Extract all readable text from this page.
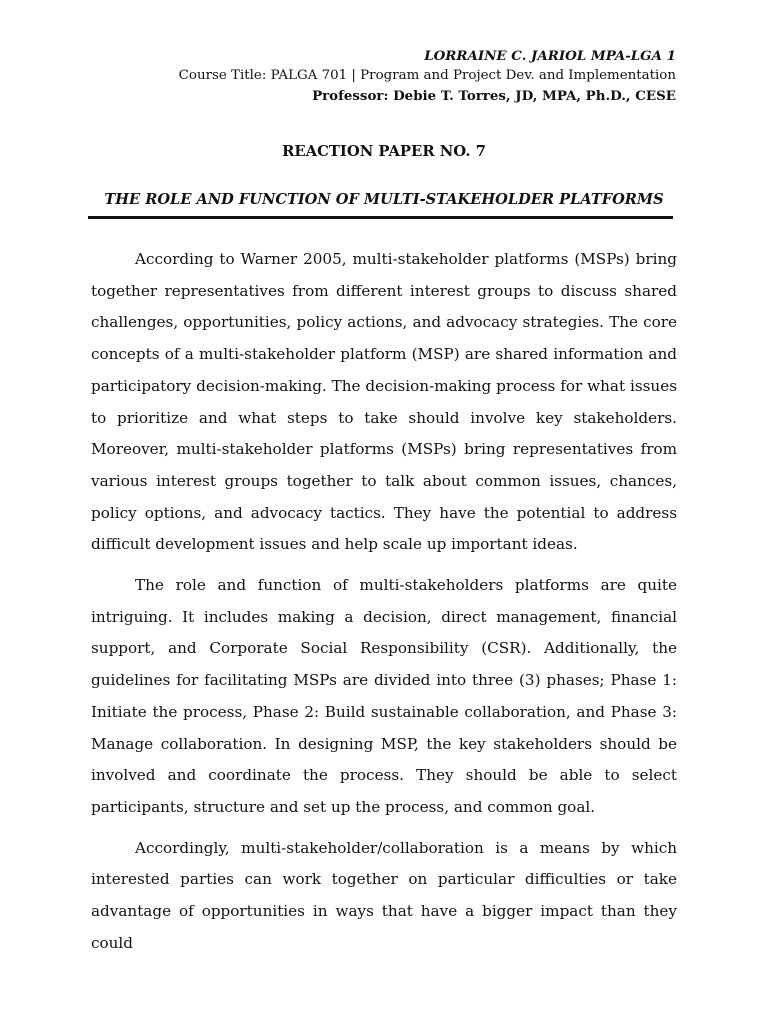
LORRAINE C. JARIOL MPA-LGA 1
Course Title: PALGA 701 | Program and Project Dev. and Implementation
Professor: Debie T. Torres, JD, MPA, Ph.D., CESE
REACTION PAPER NO. 7
THE ROLE AND FUNCTION OF MULTI-STAKEHOLDER PLATFORMS

According to Warner 2005, multi-stakeholder platforms (MSPs) bring together representatives from different interest groups to discuss shared challenges, opportunities, policy actions, and advocacy strategies. The core concepts of a multi-stakeholder platform (MSP) are shared information and participatory decision-making. The decision-making process for what issues to prioritize and what steps to take should involve key stakeholders. Moreover, multi-stakeholder platforms (MSPs) bring representatives from various interest groups together to talk about common issues, chances, policy options, and advocacy tactics. They have the potential to address difficult development issues and help scale up important ideas.

The role and function of multi-stakeholders platforms are quite intriguing. It includes making a decision, direct management, financial support, and Corporate Social Responsibility (CSR). Additionally, the guidelines for facilitating MSPs are divided into three (3) phases; Phase 1: Initiate the process, Phase 2: Build sustainable collaboration, and Phase 3: Manage collaboration. In designing MSP, the key stakeholders should be involved and coordinate the process. They should be able to select participants, structure and set up the process, and common goal.

Accordingly, multi-stakeholder/collaboration is a means by which interested parties can work together on particular difficulties or take advantage of opportunities in ways that have a bigger impact than they could
